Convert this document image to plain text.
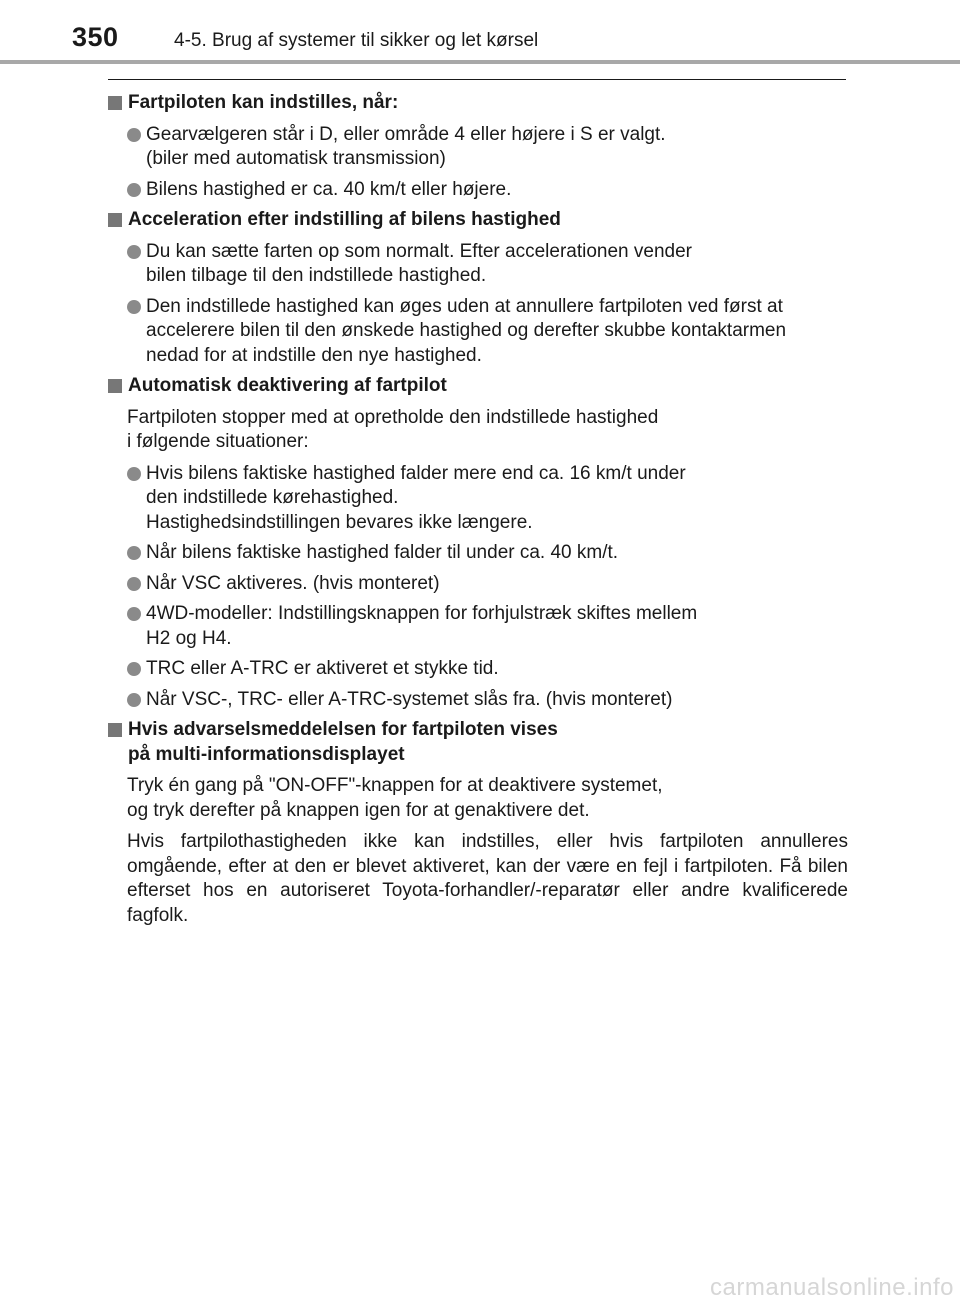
350	4-5. Brug af systemer til sikker og let kørsel
Fartpiloten kan indstilles, når:
Gearvælgeren står i D, eller område 4 eller højere i S er valgt.
(biler med automatisk transmission)
Bilens hastighed er ca. 40 km/t eller højere.
Acceleration efter indstilling af bilens hastighed
Du kan sætte farten op som normalt. Efter accelerationen vender
bilen tilbage til den indstillede hastighed.
Den indstillede hastighed kan øges uden at annullere fartpiloten ved først at
accelerere bilen til den ønskede hastighed og derefter skubbe kontaktarmen
nedad for at indstille den nye hastighed.
Automatisk deaktivering af fartpilot
Fartpiloten stopper med at opretholde den indstillede hastighed
i følgende situationer:
Hvis bilens faktiske hastighed falder mere end ca. 16 km/t under
den indstillede kørehastighed.
Hastighedsindstillingen bevares ikke længere.
Når bilens faktiske hastighed falder til under ca. 40 km/t.
Når VSC aktiveres. (hvis monteret)
4WD-modeller: Indstillingsknappen for forhjulstræk skiftes mellem
H2 og H4.
TRC eller A-TRC er aktiveret et stykke tid.
Når VSC-, TRC- eller A-TRC-systemet slås fra. (hvis monteret)
Hvis advarselsmeddelelsen for fartpiloten vises
på multi-informationsdisplayet
Tryk én gang på "ON-OFF"-knappen for at deaktivere systemet,
og tryk derefter på knappen igen for at genaktivere det.
Hvis fartpilothastigheden ikke kan indstilles, eller hvis fartpiloten annulleres omgående, efter at den er blevet aktiveret, kan der være en fejl i fartpiloten. Få bilen efterset hos en autoriseret Toyota-forhandler/-reparatør eller andre kvalificerede fagfolk.
carmanualsonline.info
